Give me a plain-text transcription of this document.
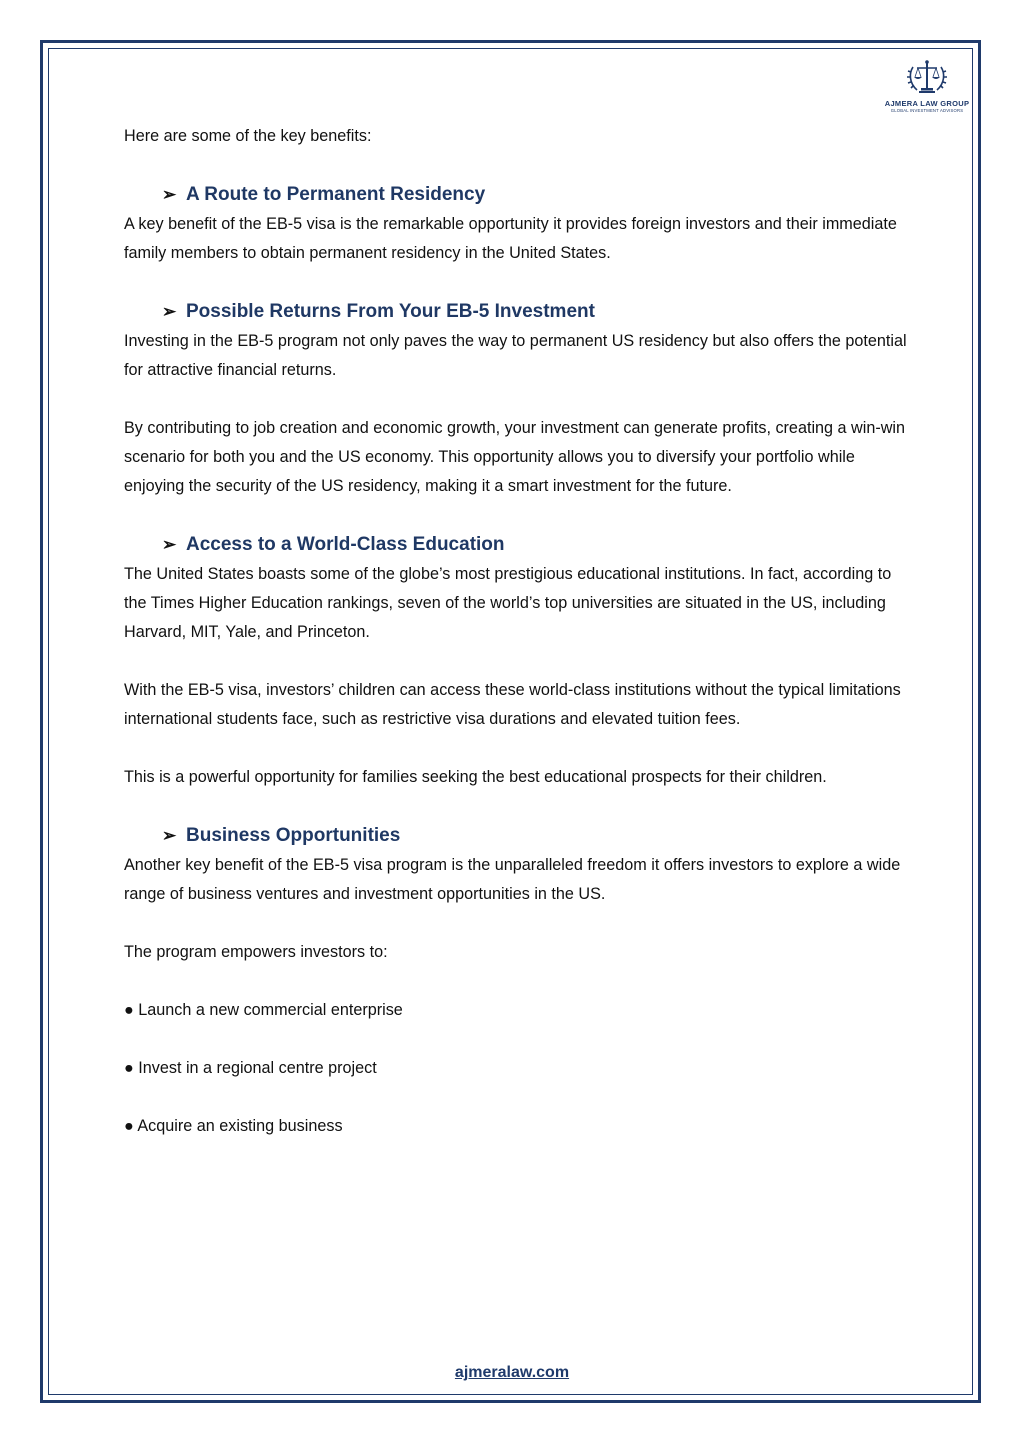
AJMERA LAW GROUP
GLOBAL INVESTMENT ADVISORS

Here are some of the key benefits:

➢ A Route to Permanent Residency

A key benefit of the EB-5 visa is the remarkable opportunity it provides foreign investors and their immediate family members to obtain permanent residency in the United States.

➢ Possible Returns From Your EB-5 Investment

Investing in the EB-5 program not only paves the way to permanent US residency but also offers the potential for attractive financial returns.

By contributing to job creation and economic growth, your investment can generate profits, creating a win-win scenario for both you and the US economy. This opportunity allows you to diversify your portfolio while enjoying the security of the US residency, making it a smart investment for the future.

➢ Access to a World-Class Education

The United States boasts some of the globe’s most prestigious educational institutions. In fact, according to the Times Higher Education rankings, seven of the world’s top universities are situated in the US, including Harvard, MIT, Yale, and Princeton.

With the EB-5 visa, investors’ children can access these world-class institutions without the typical limitations international students face, such as restrictive visa durations and elevated tuition fees.

This is a powerful opportunity for families seeking the best educational prospects for their children.

➢ Business Opportunities

Another key benefit of the EB-5 visa program is the unparalleled freedom it offers investors to explore a wide range of business ventures and investment opportunities in the US.

The program empowers investors to:

● Launch a new commercial enterprise

● Invest in a regional centre project

● Acquire an existing business

ajmeralaw.com
